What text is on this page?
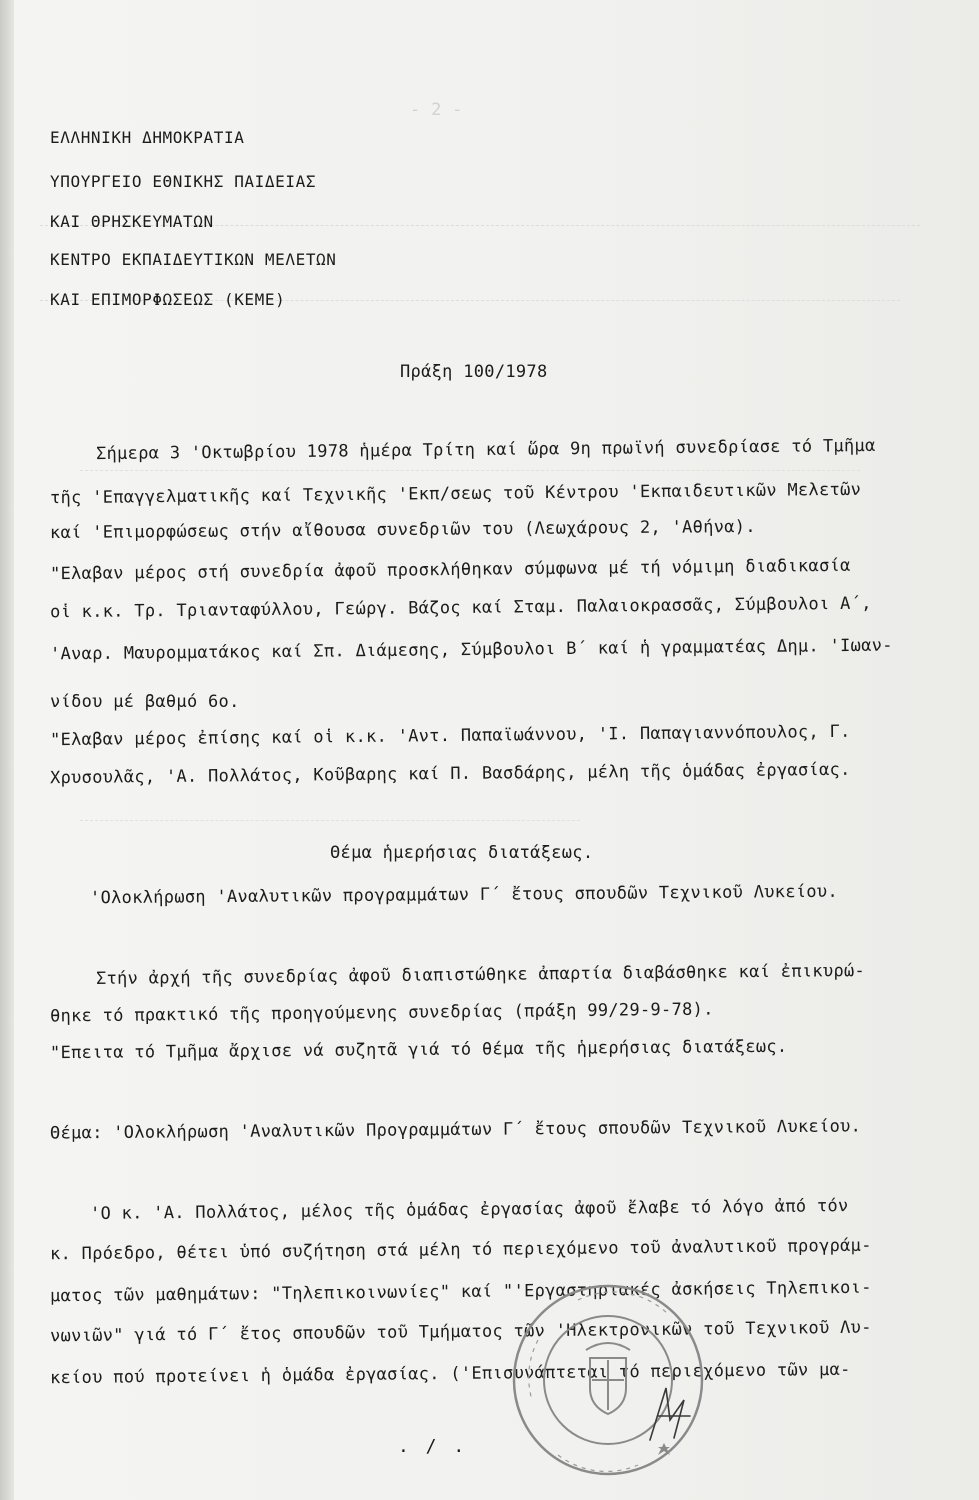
- 2 -
ΕΛΛΗΝΙΚΗ ΔΗΜΟΚΡΑΤΙΑ
ΥΠΟΥΡΓΕΙΟ ΕΘΝΙΚΗΣ ΠΑΙΔΕΙΑΣ
ΚΑΙ ΘΡΗΣΚΕΥΜΑΤΩΝ
ΚΕΝΤΡΟ ΕΚΠΑΙΔΕΥΤΙΚΩΝ ΜΕΛΕΤΩΝ
ΚΑΙ ΕΠΙΜΟΡΦΩΣΕΩΣ (ΚΕΜΕ)
Πράξη 100/1978
Σήμερα 3 'Οκτωβρίου 1978 ἡμέρα Τρίτη καί ὥρα 9η πρωϊνή συνεδρίασε τό Τμῆμα
τῆς 'Επαγγελματικῆς καί Τεχνικῆς 'Εκπ/σεως τοῦ Κέντρου 'Εκπαιδευτικῶν Μελετῶν
καί 'Επιμορφώσεως στήν αἴθουσα συνεδριῶν του (Λεωχάρους 2, 'Αθήνα).
"Ελαβαν μέρος στή συνεδρία ἀφοῦ προσκλήθηκαν σύμφωνα μέ τή νόμιμη διαδικασία
οἱ κ.κ. Τρ. Τριανταφύλλου, Γεώργ. Βάζος καί Σταμ. Παλαιοκρασσᾶς, Σύμβουλοι Α΄,
'Αναρ. Μαυρομματάκος καί Σπ. Διάμεσης, Σύμβουλοι Β΄ καί ἡ γραμματέας Δημ. 'Ιωαν-
νίδου μέ βαθμό 6ο.
"Ελαβαν μέρος ἐπίσης καί οἱ κ.κ. 'Αντ. Παπαϊωάννου, 'Ι. Παπαγιαννόπουλος, Γ.
Χρυσουλᾶς, 'Α. Πολλάτος, Κοῦβαρης καί Π. Βασδάρης, μέλη τῆς ὁμάδας ἐργασίας.
Θέμα ἡμερήσιας διατάξεως.
'Ολοκλήρωση 'Αναλυτικῶν προγραμμάτων Γ΄ ἔτους σπουδῶν Τεχνικοῦ Λυκείου.
Στήν ἀρχή τῆς συνεδρίας ἀφοῦ διαπιστώθηκε ἀπαρτία διαβάσθηκε καί ἐπικυρώ-
θηκε τό πρακτικό τῆς προηγούμενης συνεδρίας (πράξη 99/29-9-78).
"Επειτα τό Τμῆμα ἄρχισε νά συζητᾶ γιά τό θέμα τῆς ἡμερήσιας διατάξεως.
Θέμα: 'Ολοκλήρωση 'Αναλυτικῶν Προγραμμάτων Γ΄ ἔτους σπουδῶν Τεχνικοῦ Λυκείου.
'Ο κ. 'Α. Πολλάτος, μέλος τῆς ὁμάδας ἐργασίας ἀφοῦ ἔλαβε τό λόγο ἀπό τόν
κ. Πρόεδρο, θέτει ὑπό συζήτηση στά μέλη τό περιεχόμενο τοῦ ἀναλυτικοῦ προγράμ-
ματος τῶν μαθημάτων: "Τηλεπικοινωνίες" καί "'Εργαστηριακές ἀσκήσεις Τηλεπικοι-
νωνιῶν" γιά τό Γ΄ ἔτος σπουδῶν τοῦ Τμήματος τῶν 'Ηλεκτρονικῶν τοῦ Τεχνικοῦ Λυ-
κείου πού προτείνει ἡ ὁμάδα ἐργασίας. ('Επισυνάπτεται τό περιεχόμενο τῶν μα-
. / .
